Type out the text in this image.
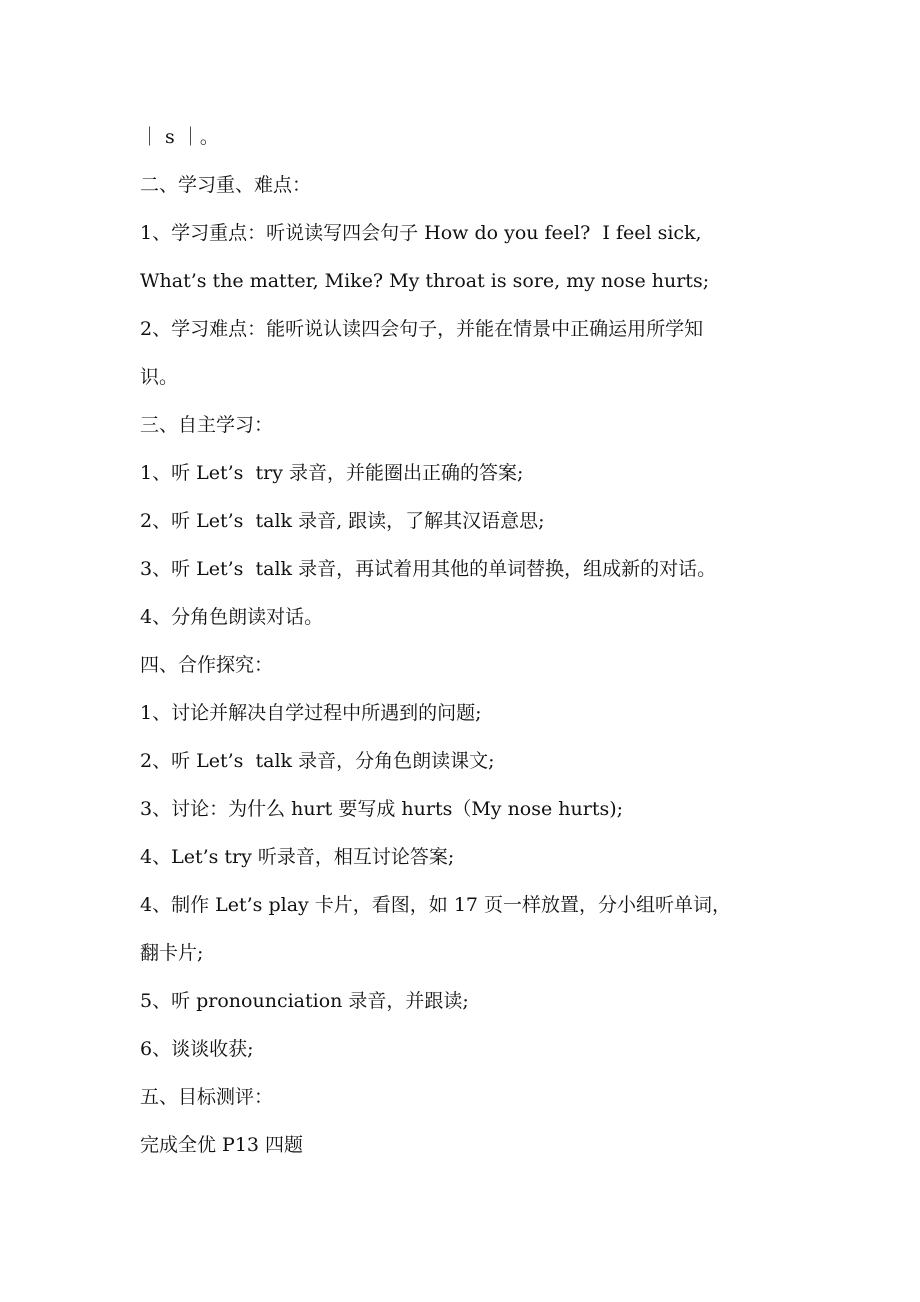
｜ s ｜。
二、学习重、难点：
1、学习重点：听说读写四会句子 How do you feel?  I feel sick,
What’s the matter, Mike? My throat is sore, my nose hurts;
2、学习难点：能听说认读四会句子，并能在情景中正确运用所学知
识。
三、自主学习：
1、听 Let’s  try 录音，并能圈出正确的答案;
2、听 Let’s  talk 录音, 跟读，了解其汉语意思;
3、听 Let’s  talk 录音，再试着用其他的单词替换，组成新的对话。
4、分角色朗读对话。
四、合作探究：
1、讨论并解决自学过程中所遇到的问题;
2、听 Let’s  talk 录音，分角色朗读课文;
3、讨论：为什么 hurt 要写成 hurts（My nose hurts);
4、Let’s try 听录音，相互讨论答案;
4、制作 Let’s play 卡片，看图，如 17 页一样放置，分小组听单词，
翻卡片;
5、听 pronounciation 录音，并跟读;
6、谈谈收获;
五、目标测评：
完成全优 P13 四题
